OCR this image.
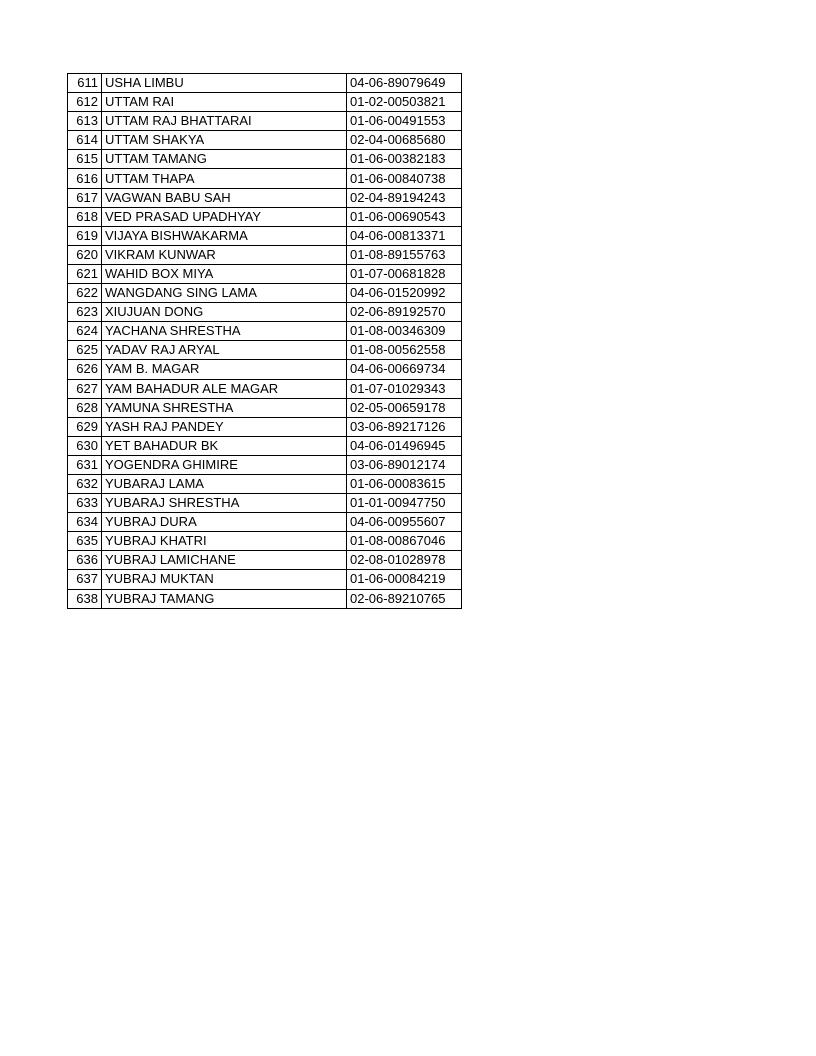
611	USHA LIMBU	04-06-89079649
612	UTTAM RAI	01-02-00503821
613	UTTAM RAJ BHATTARAI	01-06-00491553
614	UTTAM SHAKYA	02-04-00685680
615	UTTAM TAMANG	01-06-00382183
616	UTTAM THAPA	01-06-00840738
617	VAGWAN BABU SAH	02-04-89194243
618	VED PRASAD UPADHYAY	01-06-00690543
619	VIJAYA BISHWAKARMA	04-06-00813371
620	VIKRAM KUNWAR	01-08-89155763
621	WAHID BOX MIYA	01-07-00681828
622	WANGDANG SING LAMA	04-06-01520992
623	XIUJUAN DONG	02-06-89192570
624	YACHANA SHRESTHA	01-08-00346309
625	YADAV RAJ ARYAL	01-08-00562558
626	YAM B. MAGAR	04-06-00669734
627	YAM BAHADUR ALE MAGAR	01-07-01029343
628	YAMUNA SHRESTHA	02-05-00659178
629	YASH RAJ PANDEY	03-06-89217126
630	YET BAHADUR BK	04-06-01496945
631	YOGENDRA GHIMIRE	03-06-89012174
632	YUBARAJ LAMA	01-06-00083615
633	YUBARAJ SHRESTHA	01-01-00947750
634	YUBRAJ DURA	04-06-00955607
635	YUBRAJ KHATRI	01-08-00867046
636	YUBRAJ LAMICHANE	02-08-01028978
637	YUBRAJ MUKTAN	01-06-00084219
638	YUBRAJ TAMANG	02-06-89210765
